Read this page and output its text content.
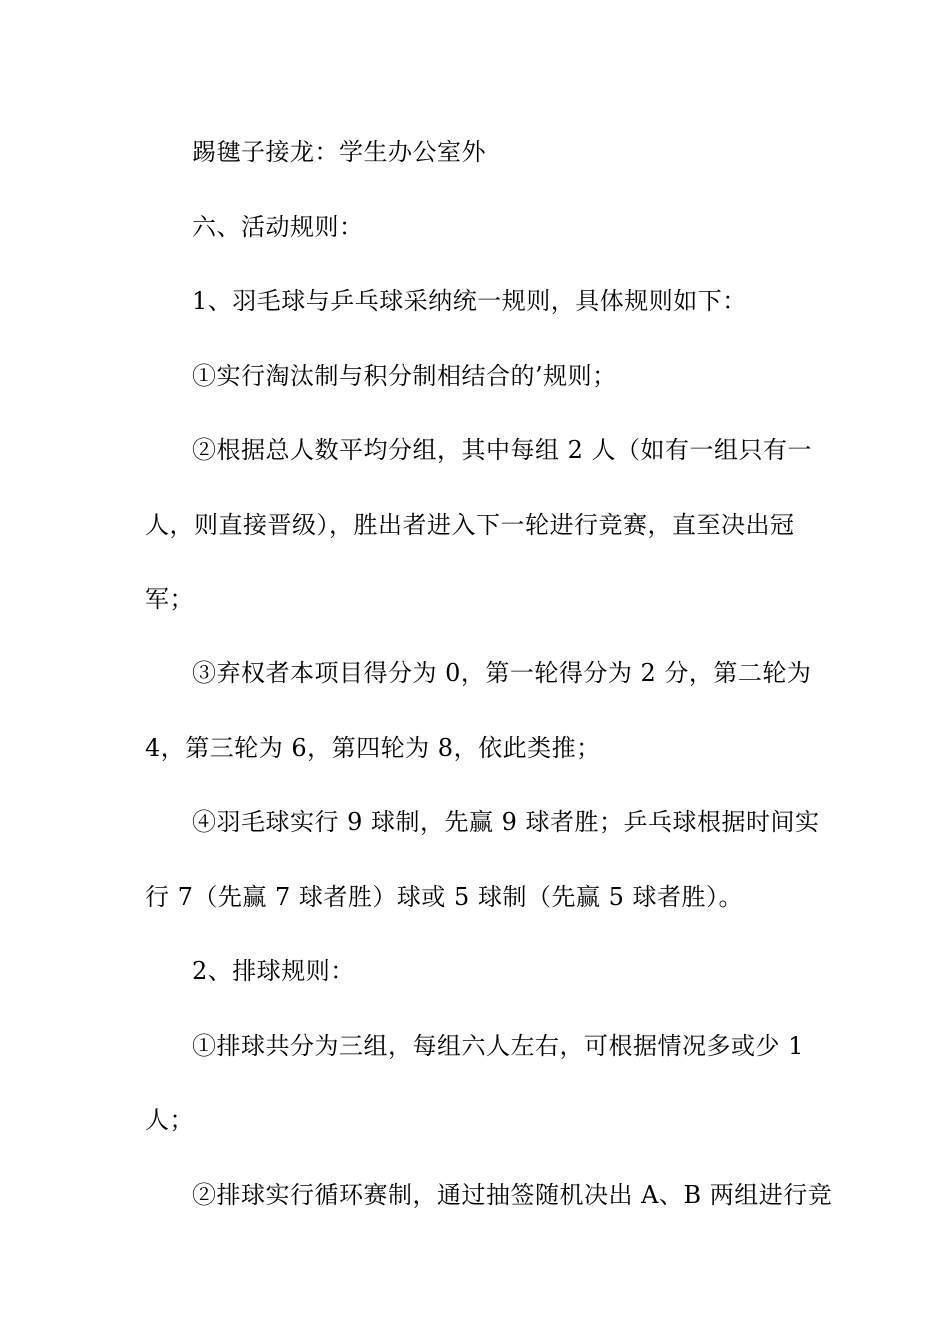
踢毽子接龙：学生办公室外
六、活动规则：
1、羽毛球与乒乓球采纳统一规则，具体规则如下：
①实行淘汰制与积分制相结合的’规则；
②根据总人数平均分组，其中每组 2 人（如有一组只有一
人，则直接晋级），胜出者进入下一轮进行竞赛，直至决出冠
军；
③弃权者本项目得分为 0，第一轮得分为 2 分，第二轮为
4，第三轮为 6，第四轮为 8，依此类推；
④羽毛球实行 9 球制，先赢 9 球者胜；乒乓球根据时间实
行 7（先赢 7 球者胜）球或 5 球制（先赢 5 球者胜）。
2、排球规则：
①排球共分为三组，每组六人左右，可根据情况多或少 1
人；
②排球实行循环赛制，通过抽签随机决出 A、B 两组进行竞
